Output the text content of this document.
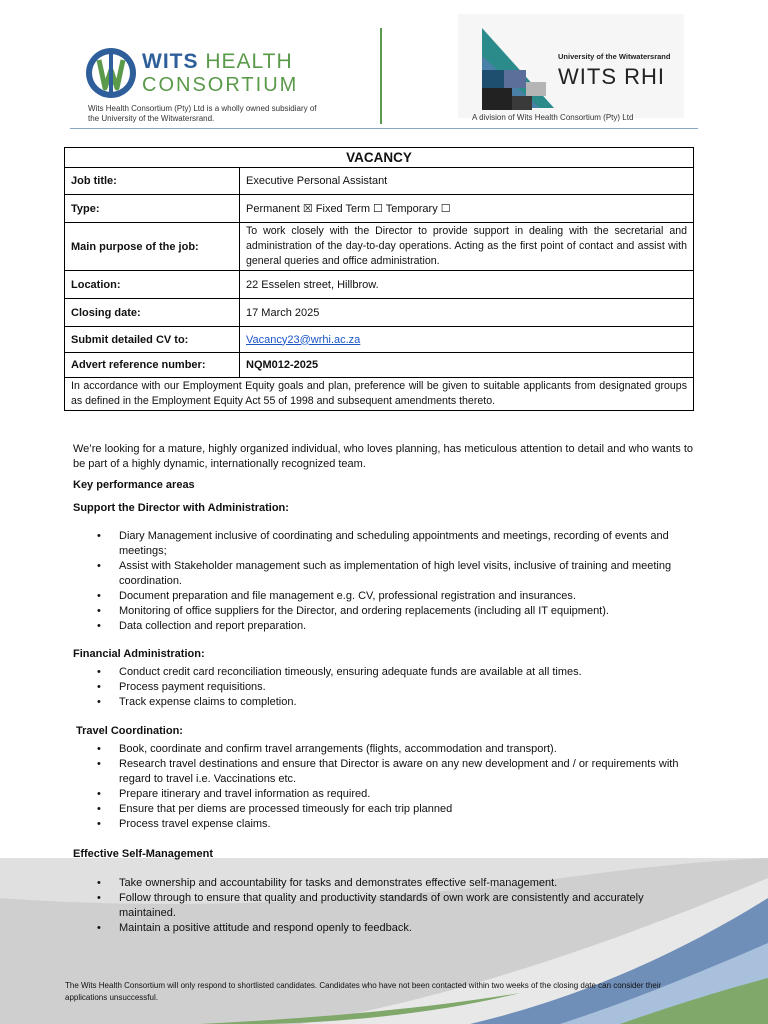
WITS HEALTH
CONSORTIUM
Wits Health Consortium (Pty) Ltd is a wholly owned subsidiary of the University of the Witwatersrand.
University of the Witwatersrand
WITS RHI
A division of Wits Health Consortium (Pty) Ltd
VACANCY	
Job title:	Executive Personal Assistant
Type:	Permanent ☒ Fixed Term ☐ Temporary ☐
Main purpose of the job:	To work closely with the Director to provide support in dealing with the secretarial and administration of the day-to-day operations. Acting as the first point of contact and assist with general queries and office administration.
Location:	22 Esselen street, Hillbrow.
Closing date:	17 March 2025
Submit detailed CV to:	Vacancy23@wrhi.ac.za
Advert reference number:	NQM012-2025
In accordance with our Employment Equity goals and plan, preference will be given to suitable applicants from designated groups as defined in the Employment Equity Act 55 of 1998 and subsequent amendments thereto.	
We’re looking for a mature, highly organized individual, who loves planning, has meticulous attention to detail and who wants to be part of a highly dynamic, internationally recognized team.
Key performance areas
Support the Director with Administration:
• Diary Management inclusive of coordinating and scheduling appointments and meetings, recording of events and meetings;
• Assist with Stakeholder management such as implementation of high level visits, inclusive of training and meeting coordination.
• Document preparation and file management e.g. CV, professional registration and insurances.
• Monitoring of office suppliers for the Director, and ordering replacements (including all IT equipment).
• Data collection and report preparation.
Financial Administration:
• Conduct credit card reconciliation timeously, ensuring adequate funds are available at all times.
• Process payment requisitions.
• Track expense claims to completion.
Travel Coordination:
• Book, coordinate and confirm travel arrangements (flights, accommodation and transport).
• Research travel destinations and ensure that Director is aware on any new development and / or requirements with regard to travel i.e. Vaccinations etc.
• Prepare itinerary and travel information as required.
• Ensure that per diems are processed timeously for each trip planned
• Process travel expense claims.
Effective Self-Management
• Take ownership and accountability for tasks and demonstrates effective self-management.
• Follow through to ensure that quality and productivity standards of own work are consistently and accurately maintained.
• Maintain a positive attitude and respond openly to feedback.
The Wits Health Consortium will only respond to shortlisted candidates. Candidates who have not been contacted within two weeks of the closing date can consider their applications unsuccessful.
